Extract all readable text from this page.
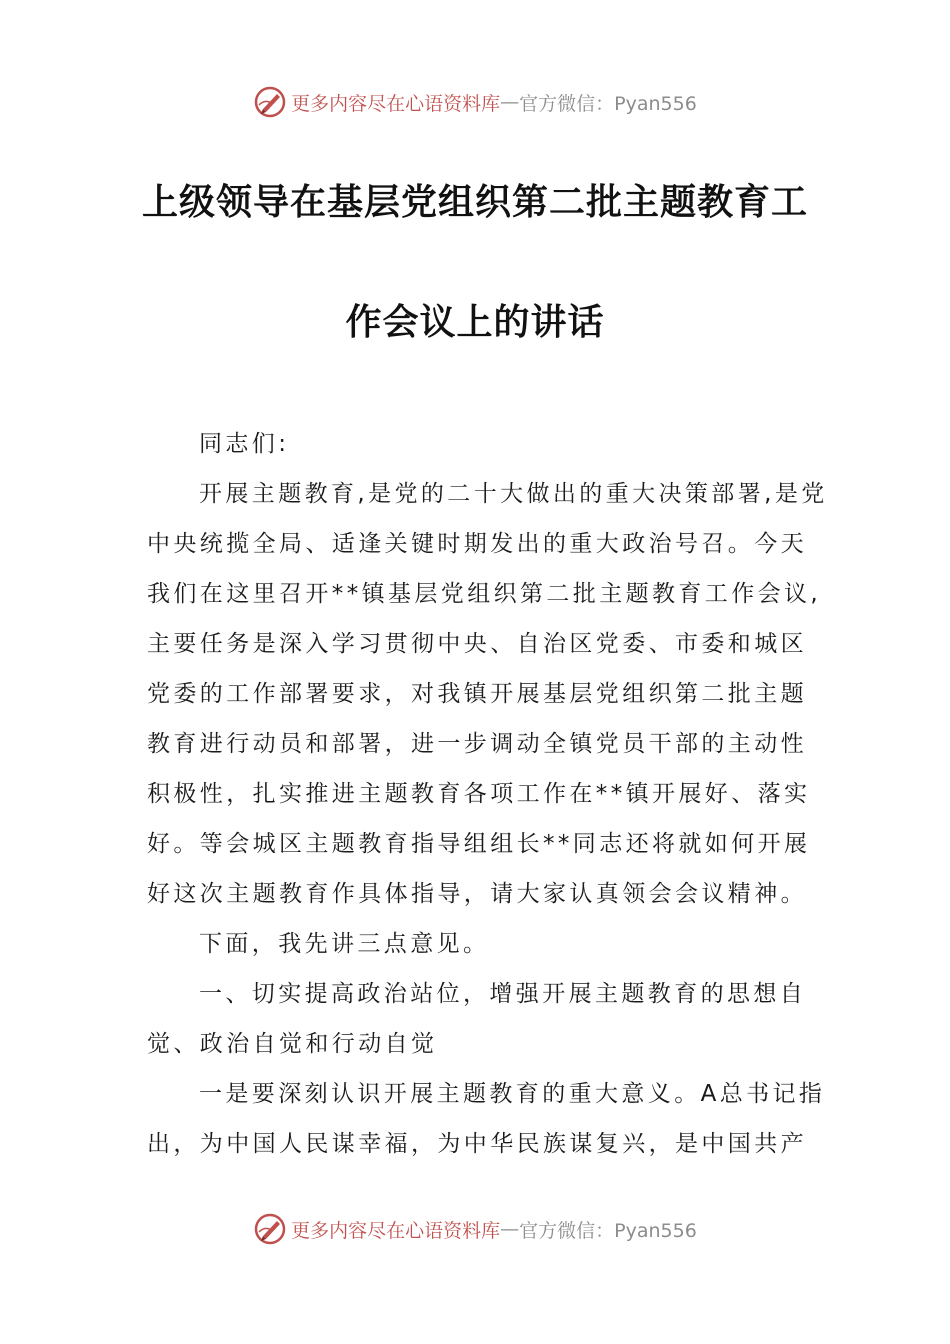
更多内容尽在心语资料库 — 官方微信：Pyan556
上级领导在基层党组织第二批主题教育工
作会议上的讲话

同志们:

开展主题教育,是党的二十大做出的重大决策部署,是党
中央统揽全局、适逢关键时期发出的重大政治号召。今天
我们在这里召开**镇基层党组织第二批主题教育工作会议,
主要任务是深入学习贯彻中央、自治区党委、市委和城区
党委的工作部署要求，对我镇开展基层党组织第二批主题
教育进行动员和部署，进一步调动全镇党员干部的主动性
积极性，扎实推进主题教育各项工作在**镇开展好、落实
好。等会城区主题教育指导组组长**同志还将就如何开展
好这次主题教育作具体指导，请大家认真领会会议精神。

下面，我先讲三点意见。

一、切实提高政治站位，增强开展主题教育的思想自
觉、政治自觉和行动自觉

一是要深刻认识开展主题教育的重大意义。A总书记指
出，为中国人民谋幸福，为中华民族谋复兴，是中国共产

更多内容尽在心语资料库 — 官方微信：Pyan556
